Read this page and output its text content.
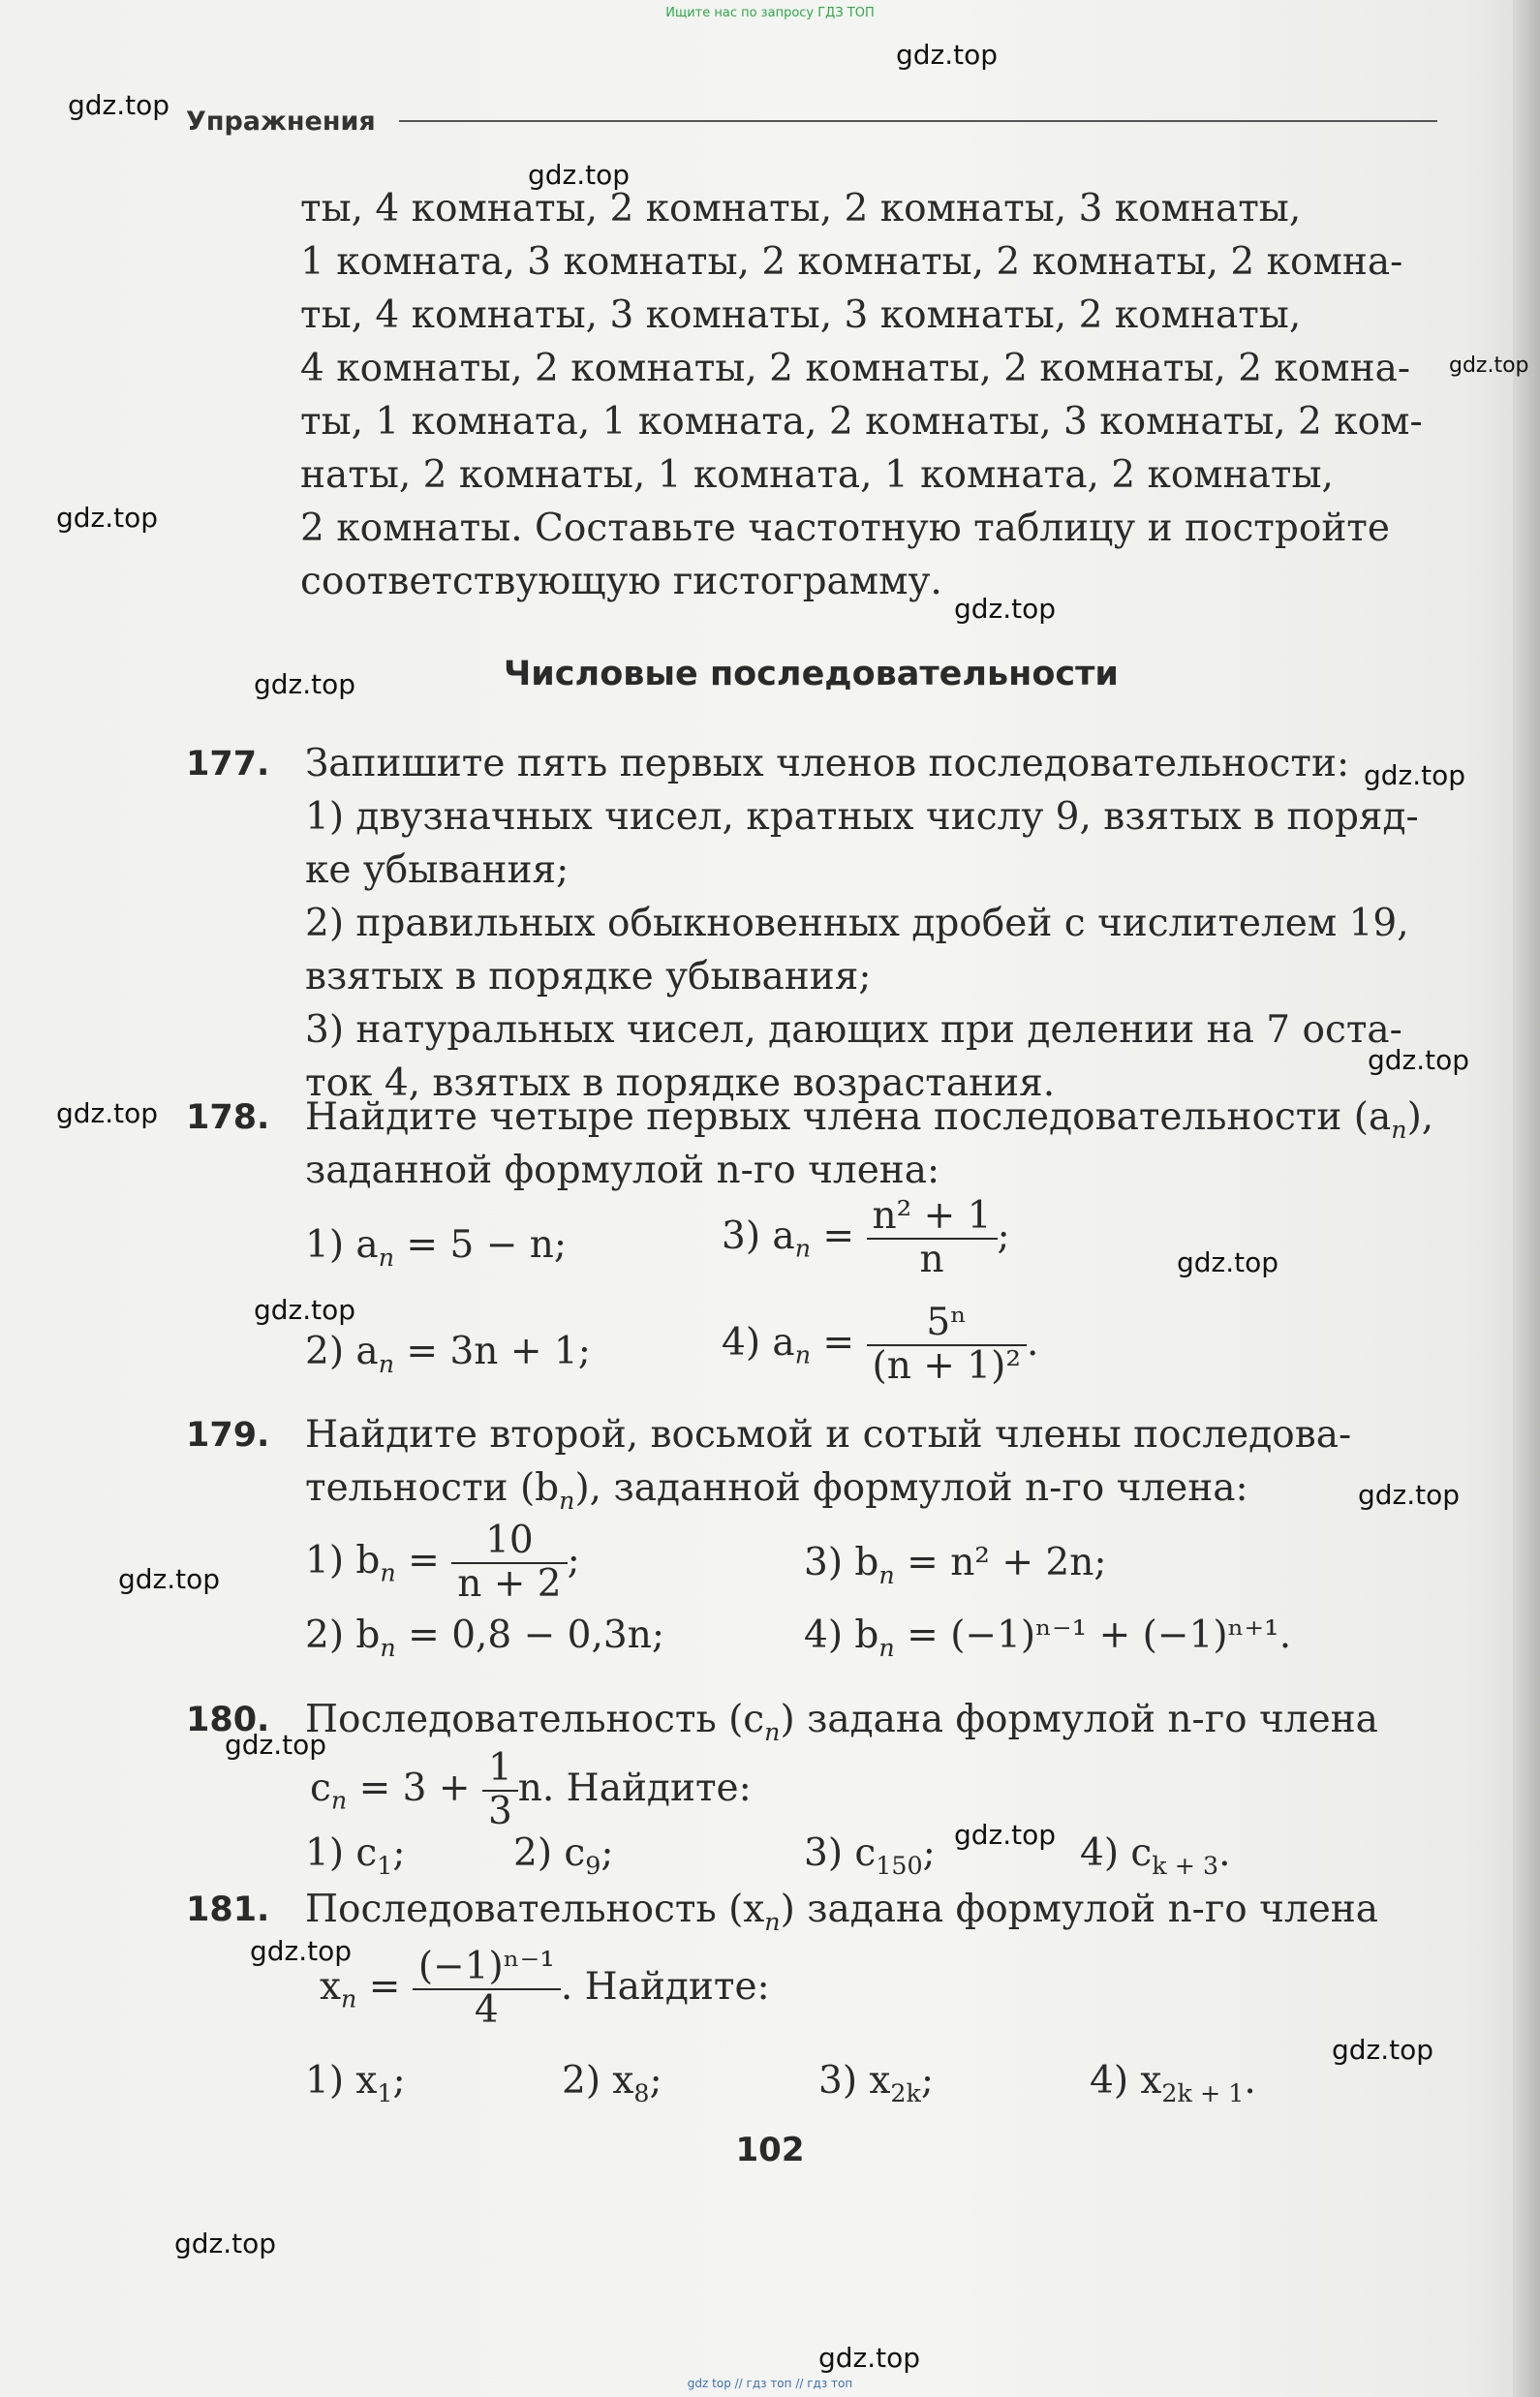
Ищите нас по запросу ГДЗ ТОП
gdz.top
gdz.top
gdz.top
gdz.top
gdz.top
gdz.top
gdz.top
gdz.top
gdz.top
gdz.top
gdz.top
gdz.top
gdz.top
gdz.top
gdz.top
gdz.top
gdz.top
gdz.top
gdz.top
gdz.top
Упражнения
ты, 4 комнаты, 2 комнаты, 2 комнаты, 3 комнаты,
1 комната, 3 комнаты, 2 комнаты, 2 комнаты, 2 комна-
ты, 4 комнаты, 3 комнаты, 3 комнаты, 2 комнаты,
4 комнаты, 2 комнаты, 2 комнаты, 2 комнаты, 2 комна-
ты, 1 комната, 1 комната, 2 комнаты, 3 комнаты, 2 ком-
наты, 2 комнаты, 1 комната, 1 комната, 2 комнаты,
2 комнаты. Составьте частотную таблицу и постройте
соответствующую гистограмму.
Числовые последовательности
177. Запишите пять первых членов последовательности:
1) двузначных чисел, кратных числу 9, взятых в поряд-
ке убывания;
2) правильных обыкновенных дробей с числителем 19,
взятых в порядке убывания;
3) натуральных чисел, дающих при делении на 7 оста-
ток 4, взятых в порядке возрастания.
178. Найдите четыре первых члена последовательности $(a_n)$,
заданной формулой n-го члена:
1) $a_n = 5 - n$;	3) $a_n = \frac{\text{n² + 1}}{n}$ ;
2) $a_n = 3n + 1$;	4) $a_n = \frac{\text{5ⁿ}}{\text{(n + 1)²}}$ .
179. Найдите второй, восьмой и сотый члены последова-
тельности $(b_n)$, заданной формулой n-го члена:
1) $b_n = \frac{10}{n + 2}$ ;	3) $b_n = n^2 + 2n$;
2) $b_n = 0,8 - 0,3n$;	4) $b_n = (-1)^{n-1} + (-1)^{n+1}$.
180. Последовательность $(c_n)$ задана формулой n-го члена
$c_n = 3 + \frac{1}{3} n$. Найдите:
1) $c_1$;	2) $c_9$;	3) $c_{150}$;	4) $c_{k + 3}$.
181. Последовательность $(x_n)$ задана формулой n-го члена
$x_n = \frac{\text{(−1)ⁿ⁻¹}}{4}$ . Найдите:
1) $x_1$;	2) $x_8$;	3) $x_{2k}$;	4) $x_{2k + 1}$.
102
gdz top // гдз топ // гдз топ
